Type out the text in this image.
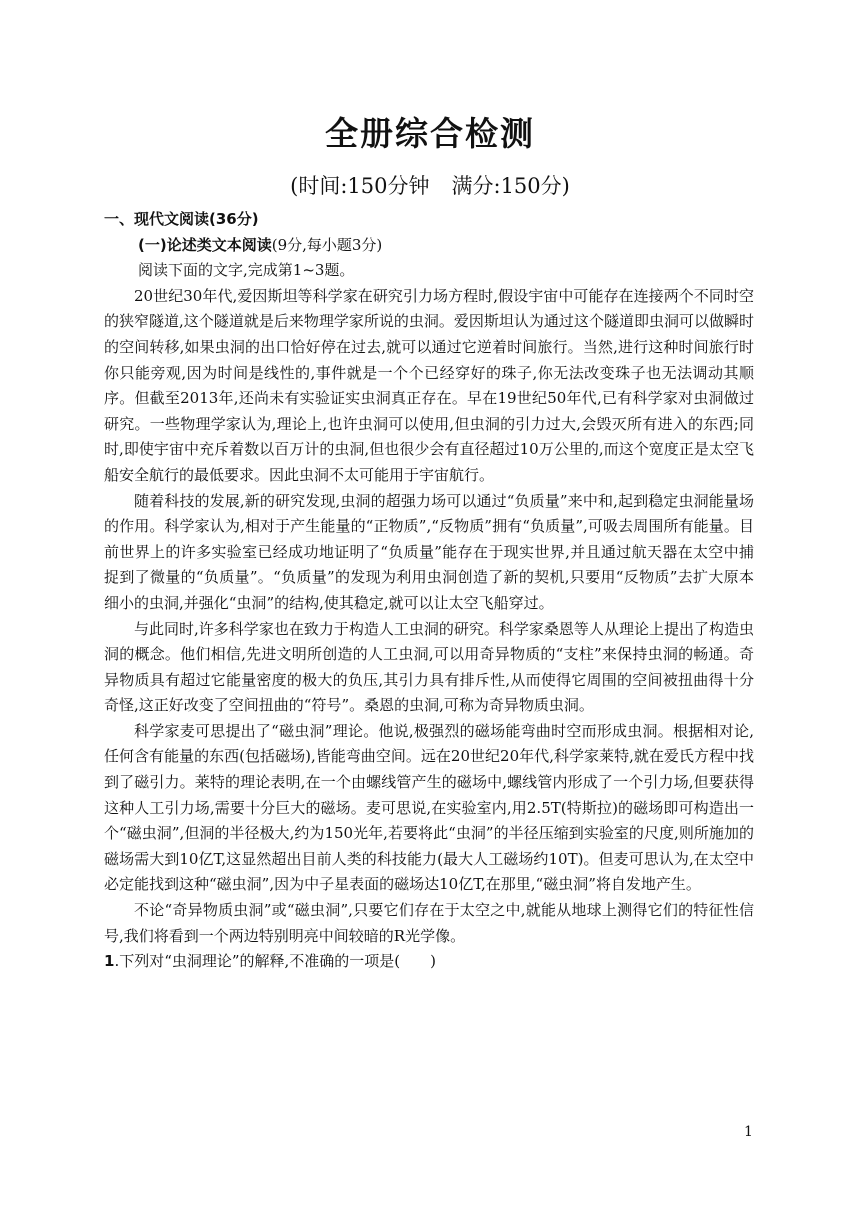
全册综合检测
(时间:150分钟 满分:150分)
一、现代文阅读(36分)
(一)论述类文本阅读(9分,每小题3分)
阅读下面的文字,完成第1~3题。

20世纪30年代,爱因斯坦等科学家在研究引力场方程时,假设宇宙中可能存在连接两个不同时空的狭窄隧道,这个隧道就是后来物理学家所说的虫洞。爱因斯坦认为通过这个隧道即虫洞可以做瞬时的空间转移,如果虫洞的出口恰好停在过去,就可以通过它逆着时间旅行。当然,进行这种时间旅行时你只能旁观,因为时间是线性的,事件就是一个个已经穿好的珠子,你无法改变珠子也无法调动其顺序。但截至2013年,还尚未有实验证实虫洞真正存在。早在19世纪50年代,已有科学家对虫洞做过研究。一些物理学家认为,理论上,也许虫洞可以使用,但虫洞的引力过大,会毁灭所有进入的东西;同时,即使宇宙中充斥着数以百万计的虫洞,但也很少会有直径超过10万公里的,而这个宽度正是太空飞船安全航行的最低要求。因此虫洞不太可能用于宇宙航行。

随着科技的发展,新的研究发现,虫洞的超强力场可以通过“负质量”来中和,起到稳定虫洞能量场的作用。科学家认为,相对于产生能量的“正物质”,“反物质”拥有“负质量”,可吸去周围所有能量。目前世界上的许多实验室已经成功地证明了“负质量”能存在于现实世界,并且通过航天器在太空中捕捉到了微量的“负质量”。“负质量”的发现为利用虫洞创造了新的契机,只要用“反物质”去扩大原本细小的虫洞,并强化“虫洞”的结构,使其稳定,就可以让太空飞船穿过。

与此同时,许多科学家也在致力于构造人工虫洞的研究。科学家桑恩等人从理论上提出了构造虫洞的概念。他们相信,先进文明所创造的人工虫洞,可以用奇异物质的“支柱”来保持虫洞的畅通。奇异物质具有超过它能量密度的极大的负压,其引力具有排斥性,从而使得它周围的空间被扭曲得十分奇怪,这正好改变了空间扭曲的“符号”。桑恩的虫洞,可称为奇异物质虫洞。

科学家麦可思提出了“磁虫洞”理论。他说,极强烈的磁场能弯曲时空而形成虫洞。根据相对论,任何含有能量的东西(包括磁场),皆能弯曲空间。远在20世纪20年代,科学家莱特,就在爱氏方程中找到了磁引力。莱特的理论表明,在一个由螺线管产生的磁场中,螺线管内形成了一个引力场,但要获得这种人工引力场,需要十分巨大的磁场。麦可思说,在实验室内,用2.5T(特斯拉)的磁场即可构造出一个“磁虫洞”,但洞的半径极大,约为150光年,若要将此“虫洞”的半径压缩到实验室的尺度,则所施加的磁场需大到10亿T,这显然超出目前人类的科技能力(最大人工磁场约10T)。但麦可思认为,在太空中必定能找到这种“磁虫洞”,因为中子星表面的磁场达10亿T,在那里,“磁虫洞”将自发地产生。

不论“奇异物质虫洞”或“磁虫洞”,只要它们存在于太空之中,就能从地球上测得它们的特征性信号,我们将看到一个两边特别明亮中间较暗的R光学像。

1.下列对“虫洞理论”的解释,不准确的一项是(　　)
1
